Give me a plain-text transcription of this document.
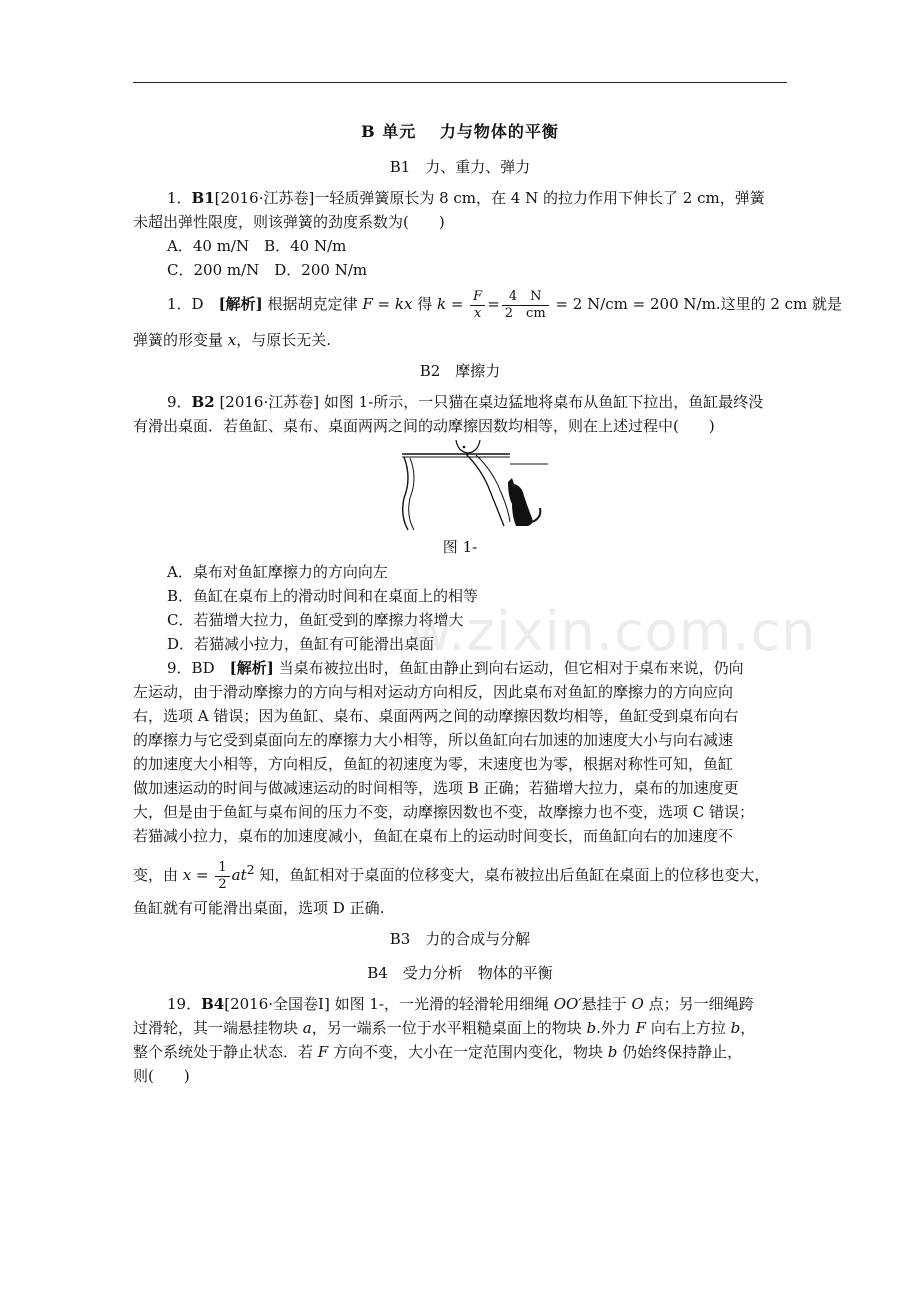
B 单元　 力与物体的平衡
B1　力、重力、弹力
1．B1[2016·江苏卷]一轻质弹簧原长为 8 cm，在 4 N 的拉力作用下伸长了 2 cm，弹簧
未超出弹性限度，则该弹簧的劲度系数为(　　)
A．40 m/N　B．40 N/m
C．200 m/N　D．200 N/m
1．D　[解析] 根据胡克定律 F = kx 得 $k = \frac{F}{x} = \frac{4 N}{2 cm} = 2$ N/cm = 200 N/m.这里的 2 cm 就是
弹簧的形变量 x，与原长无关.
B2　摩擦力
9．B2 [2016·江苏卷] 如图 1-所示，一只猫在桌边猛地将桌布从鱼缸下拉出，鱼缸最终没
有滑出桌面．若鱼缸、桌布、桌面两两之间的动摩擦因数均相等，则在上述过程中(　　)
图 1-
A．桌布对鱼缸摩擦力的方向向左
B．鱼缸在桌布上的滑动时间和在桌面上的相等
C．若猫增大拉力，鱼缸受到的摩擦力将增大
D．若猫减小拉力，鱼缸有可能滑出桌面
9．BD　[解析] 当桌布被拉出时，鱼缸由静止到向右运动，但它相对于桌布来说，仍向
左运动，由于滑动摩擦力的方向与相对运动方向相反，因此桌布对鱼缸的摩擦力的方向应向
右，选项 A 错误；因为鱼缸、桌布、桌面两两之间的动摩擦因数均相等，鱼缸受到桌布向右
的摩擦力与它受到桌面向左的摩擦力大小相等，所以鱼缸向右加速的加速度大小与向右减速
的加速度大小相等，方向相反，鱼缸的初速度为零，末速度也为零，根据对称性可知，鱼缸
做加速运动的时间与做减速运动的时间相等，选项 B 正确；若猫增大拉力，桌布的加速度更
大，但是由于鱼缸与桌布间的压力不变，动摩擦因数也不变，故摩擦力也不变，选项 C 错误；
若猫减小拉力，桌布的加速度减小，鱼缸在桌布上的运动时间变长，而鱼缸向右的加速度不
变，由 $x = \frac{1}{2} at^2$ 知，鱼缸相对于桌面的位移变大，桌布被拉出后鱼缸在桌面上的位移也变大，
鱼缸就有可能滑出桌面，选项 D 正确.
B3　力的合成与分解
B4　受力分析　物体的平衡
19．B4[2016·全国卷Ⅰ] 如图 1-，一光滑的轻滑轮用细绳 OO′悬挂于 O 点；另一细绳跨
过滑轮，其一端悬挂物块 a，另一端系一位于水平粗糙桌面上的物块 b.外力 F 向右上方拉 b，
整个系统处于静止状态．若 F 方向不变，大小在一定范围内变化，物块 b 仍始终保持静止，
则(　　)
w.zixin.com.cn
